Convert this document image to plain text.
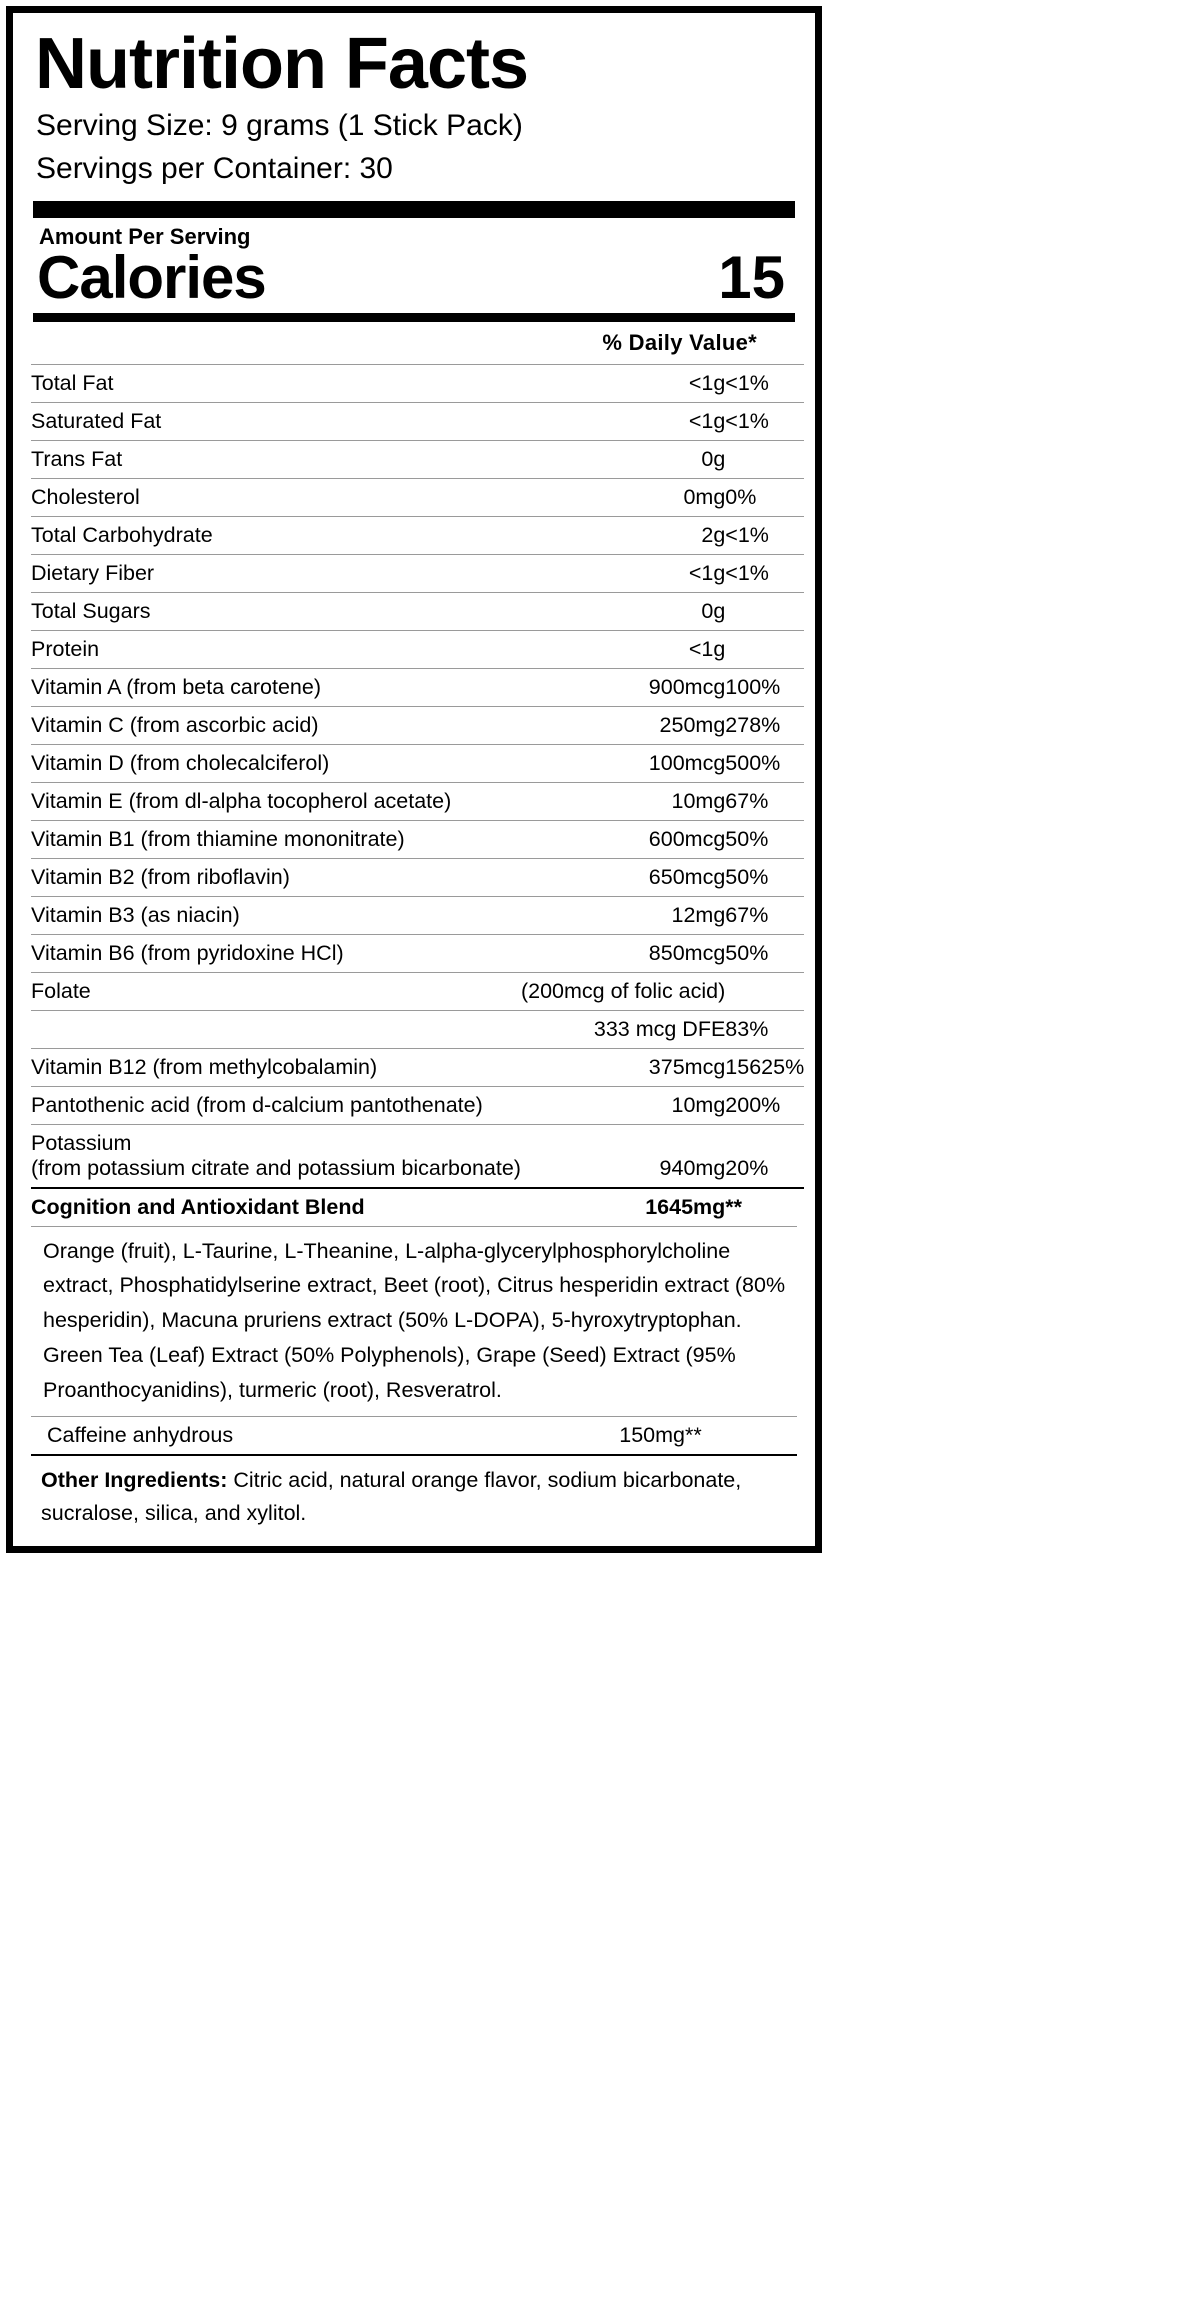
Nutrition Facts
Serving Size: 9 grams (1 Stick Pack)
Servings per Container: 30
Amount Per Serving
Calories	15
% Daily Value*
Total Fat	<1g	<1%
Saturated Fat	<1g	<1%
Trans Fat	0g	
Cholesterol	0mg	0%
Total Carbohydrate	2g	<1%
Dietary Fiber	<1g	<1%
Total Sugars	0g	
Protein	<1g	
Vitamin A (from beta carotene)	900mcg	100%
Vitamin C (from ascorbic acid)	250mg	278%
Vitamin D (from cholecalciferol)	100mcg	500%
Vitamin E (from dl-alpha tocopherol acetate)	10mg	67%
Vitamin B1 (from thiamine mononitrate)	600mcg	50%
Vitamin B2 (from riboflavin)	650mcg	50%
Vitamin B3 (as niacin)	12mg	67%
Vitamin B6 (from pyridoxine HCl)	850mcg	50%
Folate	(200mcg of folic acid)	
	333 mcg DFE	83%
Vitamin B12 (from methylcobalamin)	375mcg	15625%
Pantothenic acid (from d-calcium pantothenate)	10mg	200%

Potassium
(from potassium citrate and potassium bicarbonate)	940mg	20%
Cognition and Antioxidant Blend	1645mg	**
Orange (fruit), L-Taurine, L-Theanine, L-alpha-glycerylphosphorylcholine extract, Phosphatidylserine extract, Beet (root), Citrus hesperidin extract (80% hesperidin), Macuna pruriens extract (50% L-DOPA), 5-hyroxytryptophan. Green Tea (Leaf) Extract (50% Polyphenols), Grape (Seed) Extract (95% Proanthocyanidins), turmeric (root), Resveratrol.
Caffeine anhydrous	150mg	**
Other Ingredients: Citric acid, natural orange flavor, sodium bicarbonate, sucralose, silica, and xylitol.
